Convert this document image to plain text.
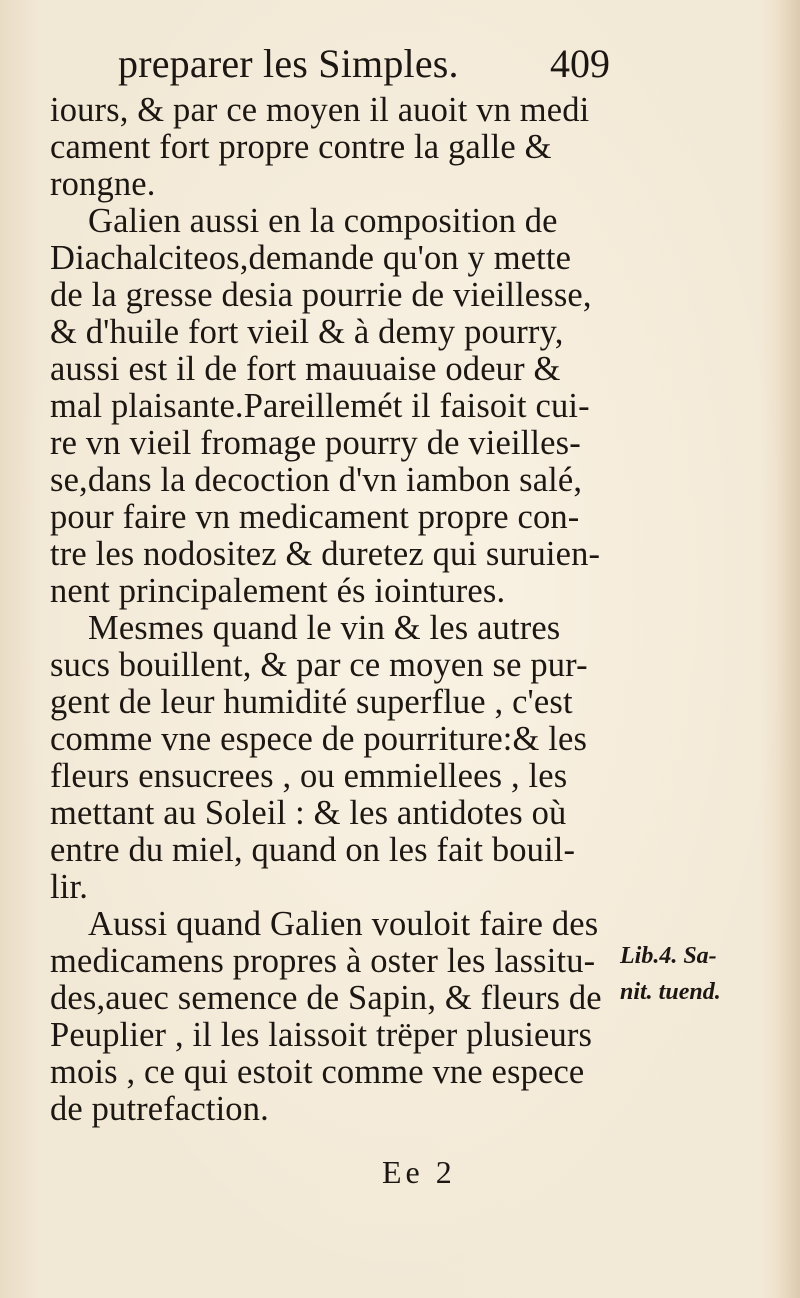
preparer les Simples. 409
iours, & par ce moyen il auoit vn medi
cament fort propre contre la galle &
rongne.
Galien aussi en la composition de
Diachalciteos,demande qu'on y mette
de la gresse desia pourrie de vieillesse,
& d'huile fort vieil & à demy pourry,
aussi est il de fort mauuaise odeur &
mal plaisante.Pareillemét il faisoit cui-
re vn vieil fromage pourry de vieilles-
se,dans la decoction d'vn iambon salé,
pour faire vn medicament propre con-
tre les nodositez & duretez qui suruien-
nent principalement és iointures.
Mesmes quand le vin & les autres
sucs bouillent, & par ce moyen se pur-
gent de leur humidité superflue , c'est
comme vne espece de pourriture:& les
fleurs ensucrees , ou emmiellees , les
mettant au Soleil : & les antidotes où
entre du miel, quand on les fait bouil-
lir.
Aussi quand Galien vouloit faire des
medicamens propres à oster les lassitu-
des,auec semence de Sapin, & fleurs de
Peuplier , il les laissoit trëper plusieurs
mois , ce qui estoit comme vne espece
de putrefaction.
Lib.4. Sa-
nit. tuend.
Ee 2
